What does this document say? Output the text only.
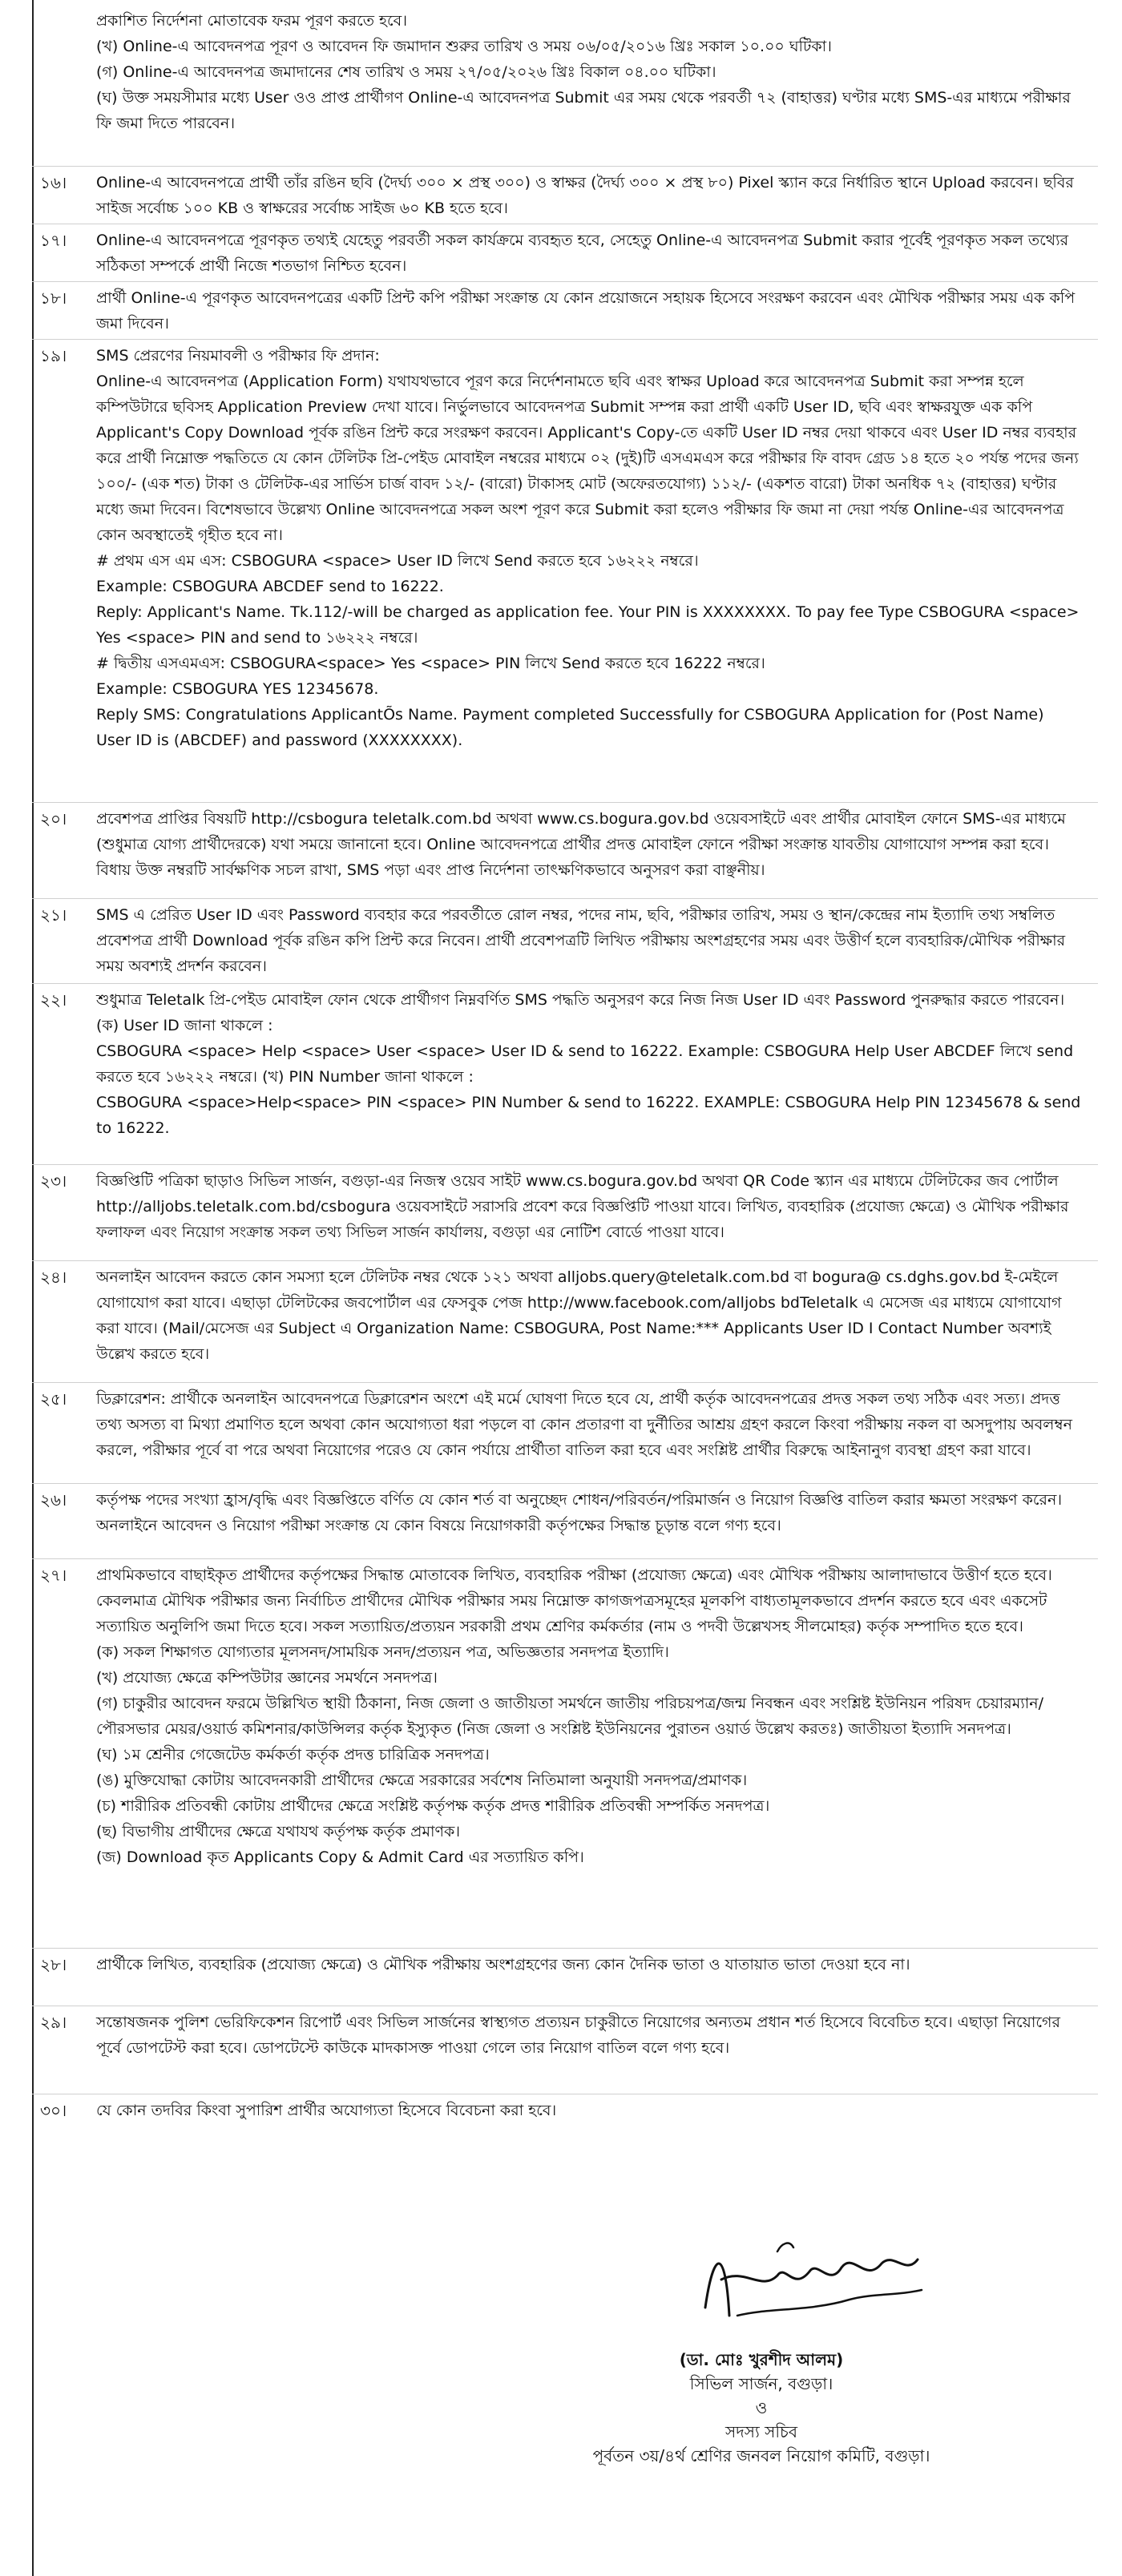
প্রকাশিত নির্দেশনা মোতাবেক ফরম পূরণ করতে হবে।

(খ) Online-এ আবেদনপত্র পূরণ ও আবেদন ফি জমাদান শুরুর তারিখ ও সময় ০৬/০৫/২০১৬ খ্রিঃ সকাল ১০.০০ ঘটিকা।

(গ) Online-এ আবেদনপত্র জমাদানের শেষ তারিখ ও সময় ২৭/০৫/২০২৬ খ্রিঃ বিকাল ০৪.০০ ঘটিকা।

(ঘ) উক্ত সময়সীমার মধ্যে User ওও প্রাপ্ত প্রার্থীগণ Online-এ আবেদনপত্র Submit এর সময় থেকে পরবর্তী ৭২ (বাহাত্তর) ঘণ্টার মধ্যে SMS-এর মাধ্যমে পরীক্ষার ফি জমা দিতে পারবেন।

১৬।	Online-এ আবেদনপত্রে প্রার্থী তাঁর রঙিন ছবি (দৈর্ঘ্য ৩০০ × প্রস্থ ৩০০) ও স্বাক্ষর (দৈর্ঘ্য ৩০০ × প্রস্থ ৮০) Pixel স্ক্যান করে নির্ধারিত স্থানে Upload করবেন। ছবির সাইজ সর্বোচ্চ ১০০ KB ও স্বাক্ষরের সর্বোচ্চ সাইজ ৬০ KB হতে হবে।

১৭।	Online-এ আবেদনপত্রে পূরণকৃত তথ্যই যেহেতু পরবর্তী সকল কার্যক্রমে ব্যবহৃত হবে, সেহেতু Online-এ আবেদনপত্র Submit করার পূর্বেই পূরণকৃত সকল তথ্যের সঠিকতা সম্পর্কে প্রার্থী নিজে শতভাগ নিশ্চিত হবেন।

১৮।	প্রার্থী Online-এ পূরণকৃত আবেদনপত্রের একটি প্রিন্ট কপি পরীক্ষা সংক্রান্ত যে কোন প্রয়োজনে সহায়ক হিসেবে সংরক্ষণ করবেন এবং মৌখিক পরীক্ষার সময় এক কপি জমা দিবেন।

১৯।	SMS প্রেরণের নিয়মাবলী ও পরীক্ষার ফি প্রদান:

Online-এ আবেদনপত্র (Application Form) যথাযথভাবে পূরণ করে নির্দেশনামতে ছবি এবং স্বাক্ষর Upload করে আবেদনপত্র Submit করা সম্পন্ন হলে কম্পিউটারে ছবিসহ Application Preview দেখা যাবে। নির্ভুলভাবে আবেদনপত্র Submit সম্পন্ন করা প্রার্থী একটি User ID, ছবি এবং স্বাক্ষরযুক্ত এক কপি Applicant's Copy Download পূর্বক রঙিন প্রিন্ট করে সংরক্ষণ করবেন। Applicant's Copy-তে একটি User ID নম্বর দেয়া থাকবে এবং User ID নম্বর ব্যবহার করে প্রার্থী নিম্নোক্ত পদ্ধতিতে যে কোন টেলিটক প্রি-পেইড মোবাইল নম্বরের মাধ্যমে ০২ (দুই)টি এসএমএস করে পরীক্ষার ফি বাবদ গ্রেড ১৪ হতে ২০ পর্যন্ত পদের জন্য ১০০/- (এক শত) টাকা ও টেলিটক-এর সার্ভিস চার্জ বাবদ ১২/- (বারো) টাকাসহ মোট (অফেরতযোগ্য) ১১২/- (একশত বারো) টাকা অনধিক ৭২ (বাহাত্তর) ঘণ্টার মধ্যে জমা দিবেন। বিশেষভাবে উল্লেখ্য Online আবেদনপত্রে সকল অংশ পূরণ করে Submit করা হলেও পরীক্ষার ফি জমা না দেয়া পর্যন্ত Online-এর আবেদনপত্র কোন অবস্থাতেই গৃহীত হবে না।

# প্রথম এস এম এস: CSBOGURA <space> User ID লিখে Send করতে হবে ১৬২২২ নম্বরে।

Example: CSBOGURA ABCDEF send to 16222.

Reply: Applicant's Name. Tk.112/-will be charged as application fee. Your PIN is XXXXXXXX. To pay fee Type CSBOGURA <space> Yes <space> PIN and send to ১৬২২২ নম্বরে।

# দ্বিতীয় এসএমএস: CSBOGURA<space> Yes <space> PIN লিখে Send করতে হবে 16222 নম্বরে।

Example: CSBOGURA YES 12345678.

Reply SMS: Congratulations ApplicantÕs Name. Payment completed Successfully for CSBOGURA Application for (Post Name) User ID is (ABCDEF) and password (XXXXXXXX).

২০।	প্রবেশপত্র প্রাপ্তির বিষয়টি http://csbogura teletalk.com.bd অথবা www.cs.bogura.gov.bd ওয়েবসাইটে এবং প্রার্থীর মোবাইল ফোনে SMS-এর মাধ্যমে (শুধুমাত্র যোগ্য প্রার্থীদেরকে) যথা সময়ে জানানো হবে। Online আবেদনপত্রে প্রার্থীর প্রদত্ত মোবাইল ফোনে পরীক্ষা সংক্রান্ত যাবতীয় যোগাযোগ সম্পন্ন করা হবে। বিধায় উক্ত নম্বরটি সার্বক্ষণিক সচল রাখা, SMS পড়া এবং প্রাপ্ত নির্দেশনা তাৎক্ষণিকভাবে অনুসরণ করা বাঞ্ছনীয়।

২১।	SMS এ প্রেরিত User ID এবং Password ব্যবহার করে পরবর্তীতে রোল নম্বর, পদের নাম, ছবি, পরীক্ষার তারিখ, সময় ও স্থান/কেন্দ্রের নাম ইত্যাদি তথ্য সম্বলিত প্রবেশপত্র প্রার্থী Download পূর্বক রঙিন কপি প্রিন্ট করে নিবেন। প্রার্থী প্রবেশপত্রটি লিখিত পরীক্ষায় অংশগ্রহণের সময় এবং উত্তীর্ণ হলে ব্যবহারিক/মৌখিক পরীক্ষার সময় অবশ্যই প্রদর্শন করবেন।

২২।	শুধুমাত্র Teletalk প্রি-পেইড মোবাইল ফোন থেকে প্রার্থীগণ নিম্নবর্ণিত SMS পদ্ধতি অনুসরণ করে নিজ নিজ User ID এবং Password পুনরুদ্ধার করতে পারবেন।

(ক) User ID জানা থাকলে :

CSBOGURA <space> Help <space> User <space> User ID & send to 16222. Example: CSBOGURA Help User ABCDEF লিখে send করতে হবে ১৬২২২ নম্বরে। (খ) PIN Number জানা থাকলে :

CSBOGURA <space>Help<space> PIN <space> PIN Number & send to 16222. EXAMPLE: CSBOGURA Help PIN 12345678 & send to 16222.

২৩।	বিজ্ঞপ্তিটি পত্রিকা ছাড়াও সিভিল সার্জন, বগুড়া-এর নিজস্ব ওয়েব সাইট www.cs.bogura.gov.bd অথবা QR Code স্ক্যান এর মাধ্যমে টেলিটকের জব পোর্টাল http://alljobs.teletalk.com.bd/csbogura ওয়েবসাইটে সরাসরি প্রবেশ করে বিজ্ঞপ্তিটি পাওয়া যাবে। লিখিত, ব্যবহারিক (প্রযোজ্য ক্ষেত্রে) ও মৌখিক পরীক্ষার ফলাফল এবং নিয়োগ সংক্রান্ত সকল তথ্য সিভিল সার্জন কার্যালয়, বগুড়া এর নোটিশ বোর্ডে পাওয়া যাবে।

২৪।	অনলাইন আবেদন করতে কোন সমস্যা হলে টেলিটক নম্বর থেকে ১২১ অথবা alljobs.query@teletalk.com.bd বা bogura@ cs.dghs.gov.bd ই-মেইলে যোগাযোগ করা যাবে। এছাড়া টেলিটকের জবপোর্টাল এর ফেসবুক পেজ http://www.facebook.com/alljobs bdTeletalk এ মেসেজ এর মাধ্যমে যোগাযোগ করা যাবে। (Mail/মেসেজ এর Subject এ Organization Name: CSBOGURA, Post Name:*** Applicants User ID I Contact Number অবশ্যই উল্লেখ করতে হবে।

২৫।	ডিক্লারেশন: প্রার্থীকে অনলাইন আবেদনপত্রে ডিক্লারেশন অংশে এই মর্মে ঘোষণা দিতে হবে যে, প্রার্থী কর্তৃক আবেদনপত্রের প্রদত্ত সকল তথ্য সঠিক এবং সত্য। প্রদত্ত তথ্য অসত্য বা মিথ্যা প্রমাণিত হলে অথবা কোন অযোগ্যতা ধরা পড়লে বা কোন প্রতারণা বা দুর্নীতির আশ্রয় গ্রহণ করলে কিংবা পরীক্ষায় নকল বা অসদুপায় অবলম্বন করলে, পরীক্ষার পূর্বে বা পরে অথবা নিয়োগের পরেও যে কোন পর্যায়ে প্রার্থীতা বাতিল করা হবে এবং সংশ্লিষ্ট প্রার্থীর বিরুদ্ধে আইনানুগ ব্যবস্থা গ্রহণ করা যাবে।

২৬।	কর্তৃপক্ষ পদের সংখ্যা হ্রাস/বৃদ্ধি এবং বিজ্ঞপ্তিতে বর্ণিত যে কোন শর্ত বা অনুচ্ছেদ শোধন/পরিবর্তন/পরিমার্জন ও নিয়োগ বিজ্ঞপ্তি বাতিল করার ক্ষমতা সংরক্ষণ করেন। অনলাইনে আবেদন ও নিয়োগ পরীক্ষা সংক্রান্ত যে কোন বিষয়ে নিয়োগকারী কর্তৃপক্ষের সিদ্ধান্ত চূড়ান্ত বলে গণ্য হবে।

২৭।	প্রাথমিকভাবে বাছাইকৃত প্রার্থীদের কর্তৃপক্ষের সিদ্ধান্ত মোতাবেক লিখিত, ব্যবহারিক পরীক্ষা (প্রযোজ্য ক্ষেত্রে) এবং মৌখিক পরীক্ষায় আলাদাভাবে উত্তীর্ণ হতে হবে। কেবলমাত্র মৌখিক পরীক্ষার জন্য নির্বাচিত প্রার্থীদের মৌখিক পরীক্ষার সময় নিম্নোক্ত কাগজপত্রসমূহের মূলকপি বাধ্যতামূলকভাবে প্রদর্শন করতে হবে এবং একসেট সত্যায়িত অনুলিপি জমা দিতে হবে। সকল সত্যায়িত/প্রত্যয়ন সরকারী প্রথম শ্রেণির কর্মকর্তার (নাম ও পদবী উল্লেখসহ সীলমোহর) কর্তৃক সম্পাদিত হতে হবে।

(ক) সকল শিক্ষাগত যোগ্যতার মূলসনদ/সাময়িক সনদ/প্রত্যয়ন পত্র, অভিজ্ঞতার সনদপত্র ইত্যাদি।

(খ) প্রযোজ্য ক্ষেত্রে কম্পিউটার জ্ঞানের সমর্থনে সনদপত্র।

(গ) চাকুরীর আবেদন ফরমে উল্লিখিত স্থায়ী ঠিকানা, নিজ জেলা ও জাতীয়তা সমর্থনে জাতীয় পরিচয়পত্র/জন্ম নিবন্ধন এবং সংশ্লিষ্ট ইউনিয়ন পরিষদ চেয়ারম্যান/পৌরসভার মেয়র/ওয়ার্ড কমিশনার/কাউন্সিলর কর্তৃক ইস্যুকৃত (নিজ জেলা ও সংশ্লিষ্ট ইউনিয়নের পুরাতন ওয়ার্ড উল্লেখ করতঃ) জাতীয়তা ইত্যাদি সনদপত্র।

(ঘ) ১ম শ্রেনীর গেজেটেড কর্মকর্তা কর্তৃক প্রদত্ত চারিত্রিক সনদপত্র।

(ঙ) মুক্তিযোদ্ধা কোটায় আবেদনকারী প্রার্থীদের ক্ষেত্রে সরকারের সর্বশেষ নিতিমালা অনুযায়ী সনদপত্র/প্রমাণক।

(চ) শারীরিক প্রতিবন্ধী কোটায় প্রার্থীদের ক্ষেত্রে সংশ্লিষ্ট কর্তৃপক্ষ কর্তৃক প্রদত্ত শারীরিক প্রতিবন্ধী সম্পর্কিত সনদপত্র।

(ছ) বিভাগীয় প্রার্থীদের ক্ষেত্রে যথাযথ কর্তৃপক্ষ কর্তৃক প্রমাণক।

(জ) Download কৃত Applicants Copy & Admit Card এর সত্যায়িত কপি।

২৮।	প্রার্থীকে লিখিত, ব্যবহারিক (প্রযোজ্য ক্ষেত্রে) ও মৌখিক পরীক্ষায় অংশগ্রহণের জন্য কোন দৈনিক ভাতা ও যাতায়াত ভাতা দেওয়া হবে না।

২৯।	সন্তোষজনক পুলিশ ভেরিফিকেশন রিপোর্ট এবং সিভিল সার্জনের স্বাস্থ্যগত প্রত্যয়ন চাকুরীতে নিয়োগের অন্যতম প্রধান শর্ত হিসেবে বিবেচিত হবে। এছাড়া নিয়োগের পূর্বে ডোপটেস্ট করা হবে। ডোপটেস্টে কাউকে মাদকাসক্ত পাওয়া গেলে তার নিয়োগ বাতিল বলে গণ্য হবে।

৩০।	যে কোন তদবির কিংবা সুপারিশ প্রার্থীর অযোগ্যতা হিসেবে বিবেচনা করা হবে।

(ডা. মোঃ খুরশীদ আলম)
সিভিল সার্জন, বগুড়া।
ও
সদস্য সচিব
পূর্বতন ৩য়/৪র্থ শ্রেণির জনবল নিয়োগ কমিটি, বগুড়া।
